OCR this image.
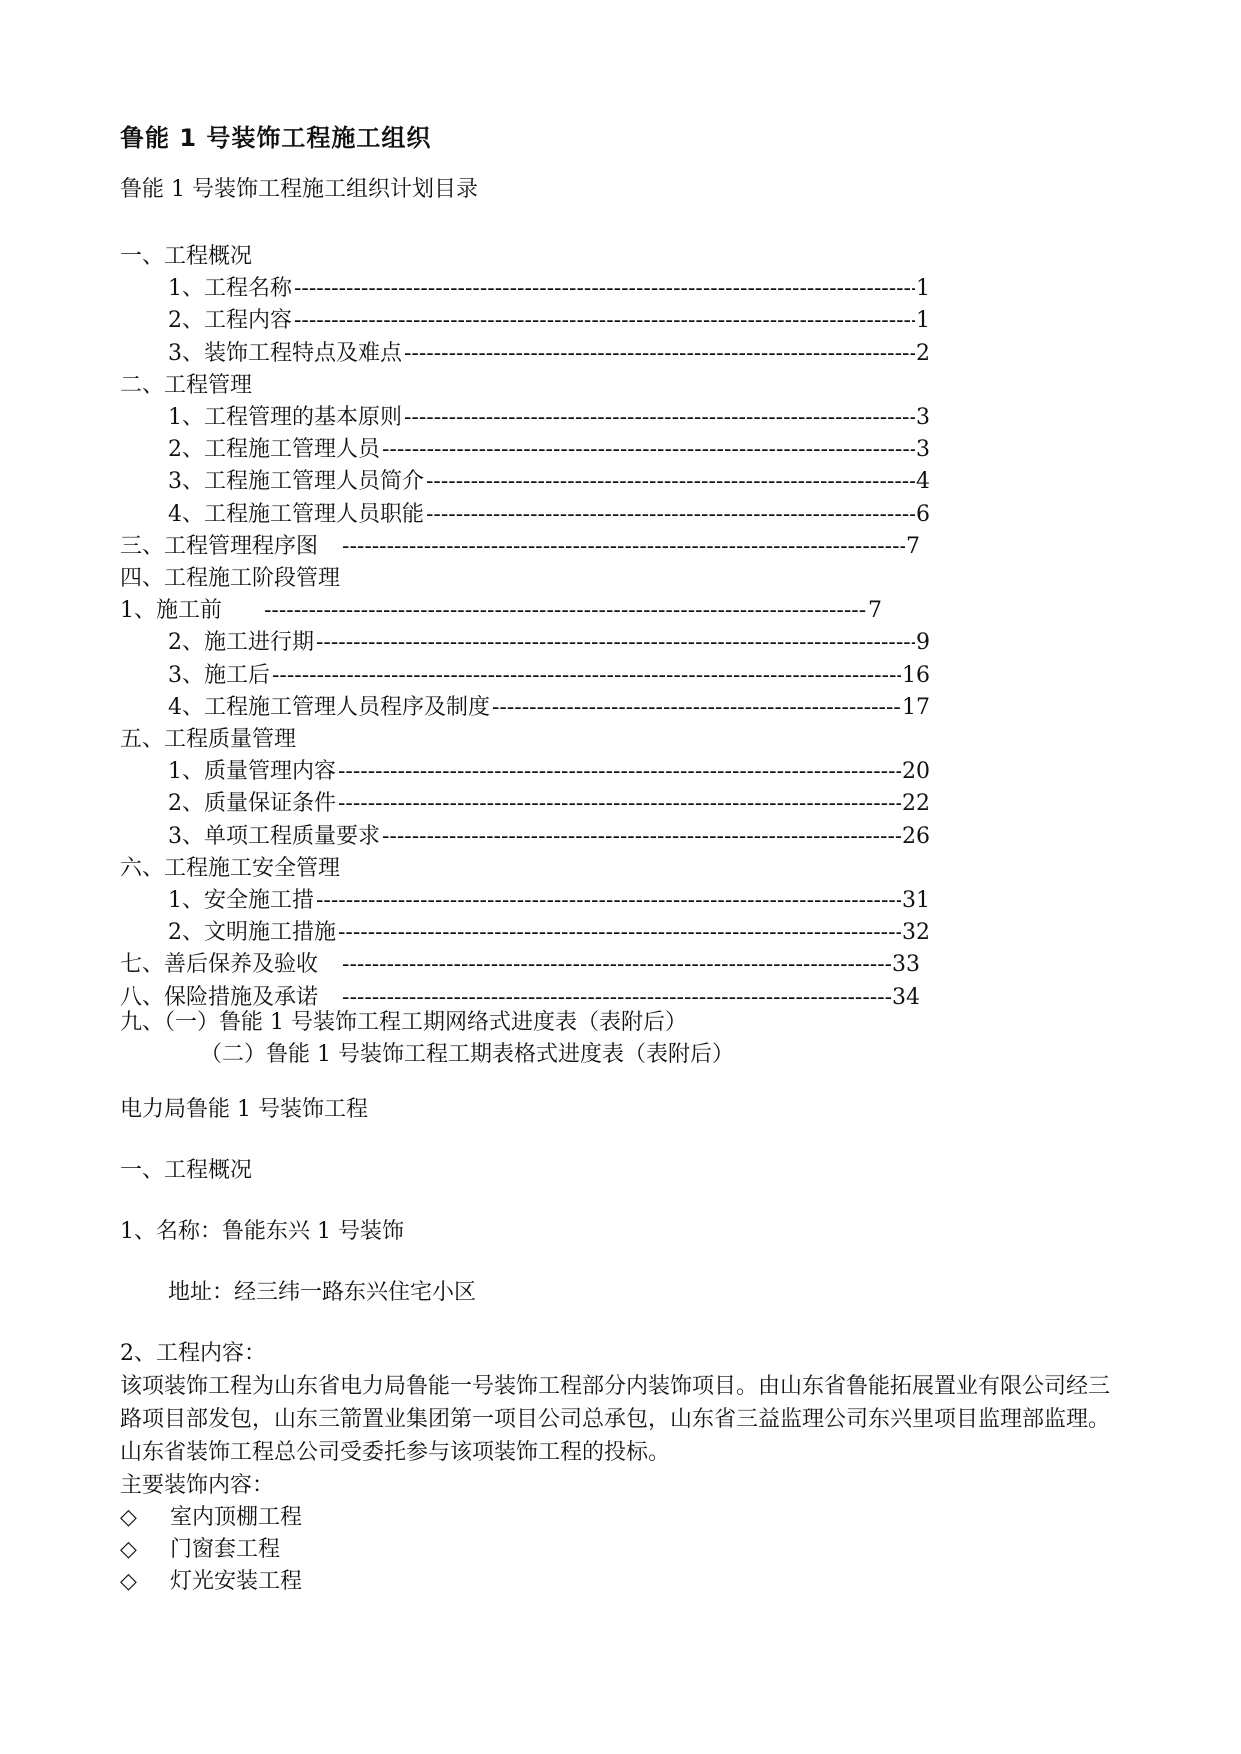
鲁能 1 号装饰工程施工组织
鲁能 1 号装饰工程施工组织计划目录
一、工程概况
1、工程名称 -----	1
2、工程内容 -----	1
3、装饰工程特点及难点 -----	2
二、工程管理
1、工程管理的基本原则 -----	3
2、工程施工管理人员 -----	3
3、工程施工管理人员简介 -----	4
4、工程施工管理人员职能 -----	6
三、工程管理程序图 -----	7
四、工程施工阶段管理
1、施工前 -----	7
2、施工进行期 -----	9
3、施工后 -----	16
4、工程施工管理人员程序及制度 -----	17
五、工程质量管理
1、质量管理内容 -----	20
2、质量保证条件 -----	22
3、单项工程质量要求 -----	26
六、工程施工安全管理
1、安全施工措 -----	31
2、文明施工措施 -----	32
七、善后保养及验收 -----	33
八、保险措施及承诺 -----	34
九、（一）鲁能 1 号装饰工程工期网络式进度表（表附后）
（二）鲁能 1 号装饰工程工期表格式进度表（表附后）
电力局鲁能 1 号装饰工程
一、工程概况
1、名称：鲁能东兴 1 号装饰
地址：经三纬一路东兴住宅小区
2、工程内容：
该项装饰工程为山东省电力局鲁能一号装饰工程部分内装饰项目。由山东省鲁能拓展置业有限公司经三路项目部发包，山东三箭置业集团第一项目公司总承包，山东省三益监理公司东兴里项目监理部监理。山东省装饰工程总公司受委托参与该项装饰工程的投标。
主要装饰内容：
◇ 室内顶棚工程
◇ 门窗套工程
◇ 灯光安装工程
